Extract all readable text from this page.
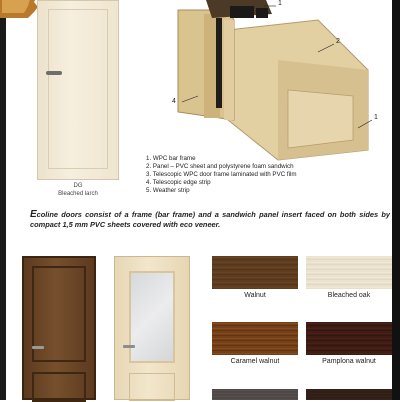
DG
Bleached larch
1
2
1
4
1. WPC bar frame
2. Panel – PVC sheet and polystyrene foam sandwich
3. Telescopic WPC door frame laminated with PVC film
4. Telescopic edge strip
5. Weather strip
Ecoline doors consist of a frame (bar frame) and a sandwich panel insert faced on both sides by compact 1,5 mm PVC sheets covered with eco veneer.
Walnut	Bleached oak
Caramel walnut	Pamplona walnut
